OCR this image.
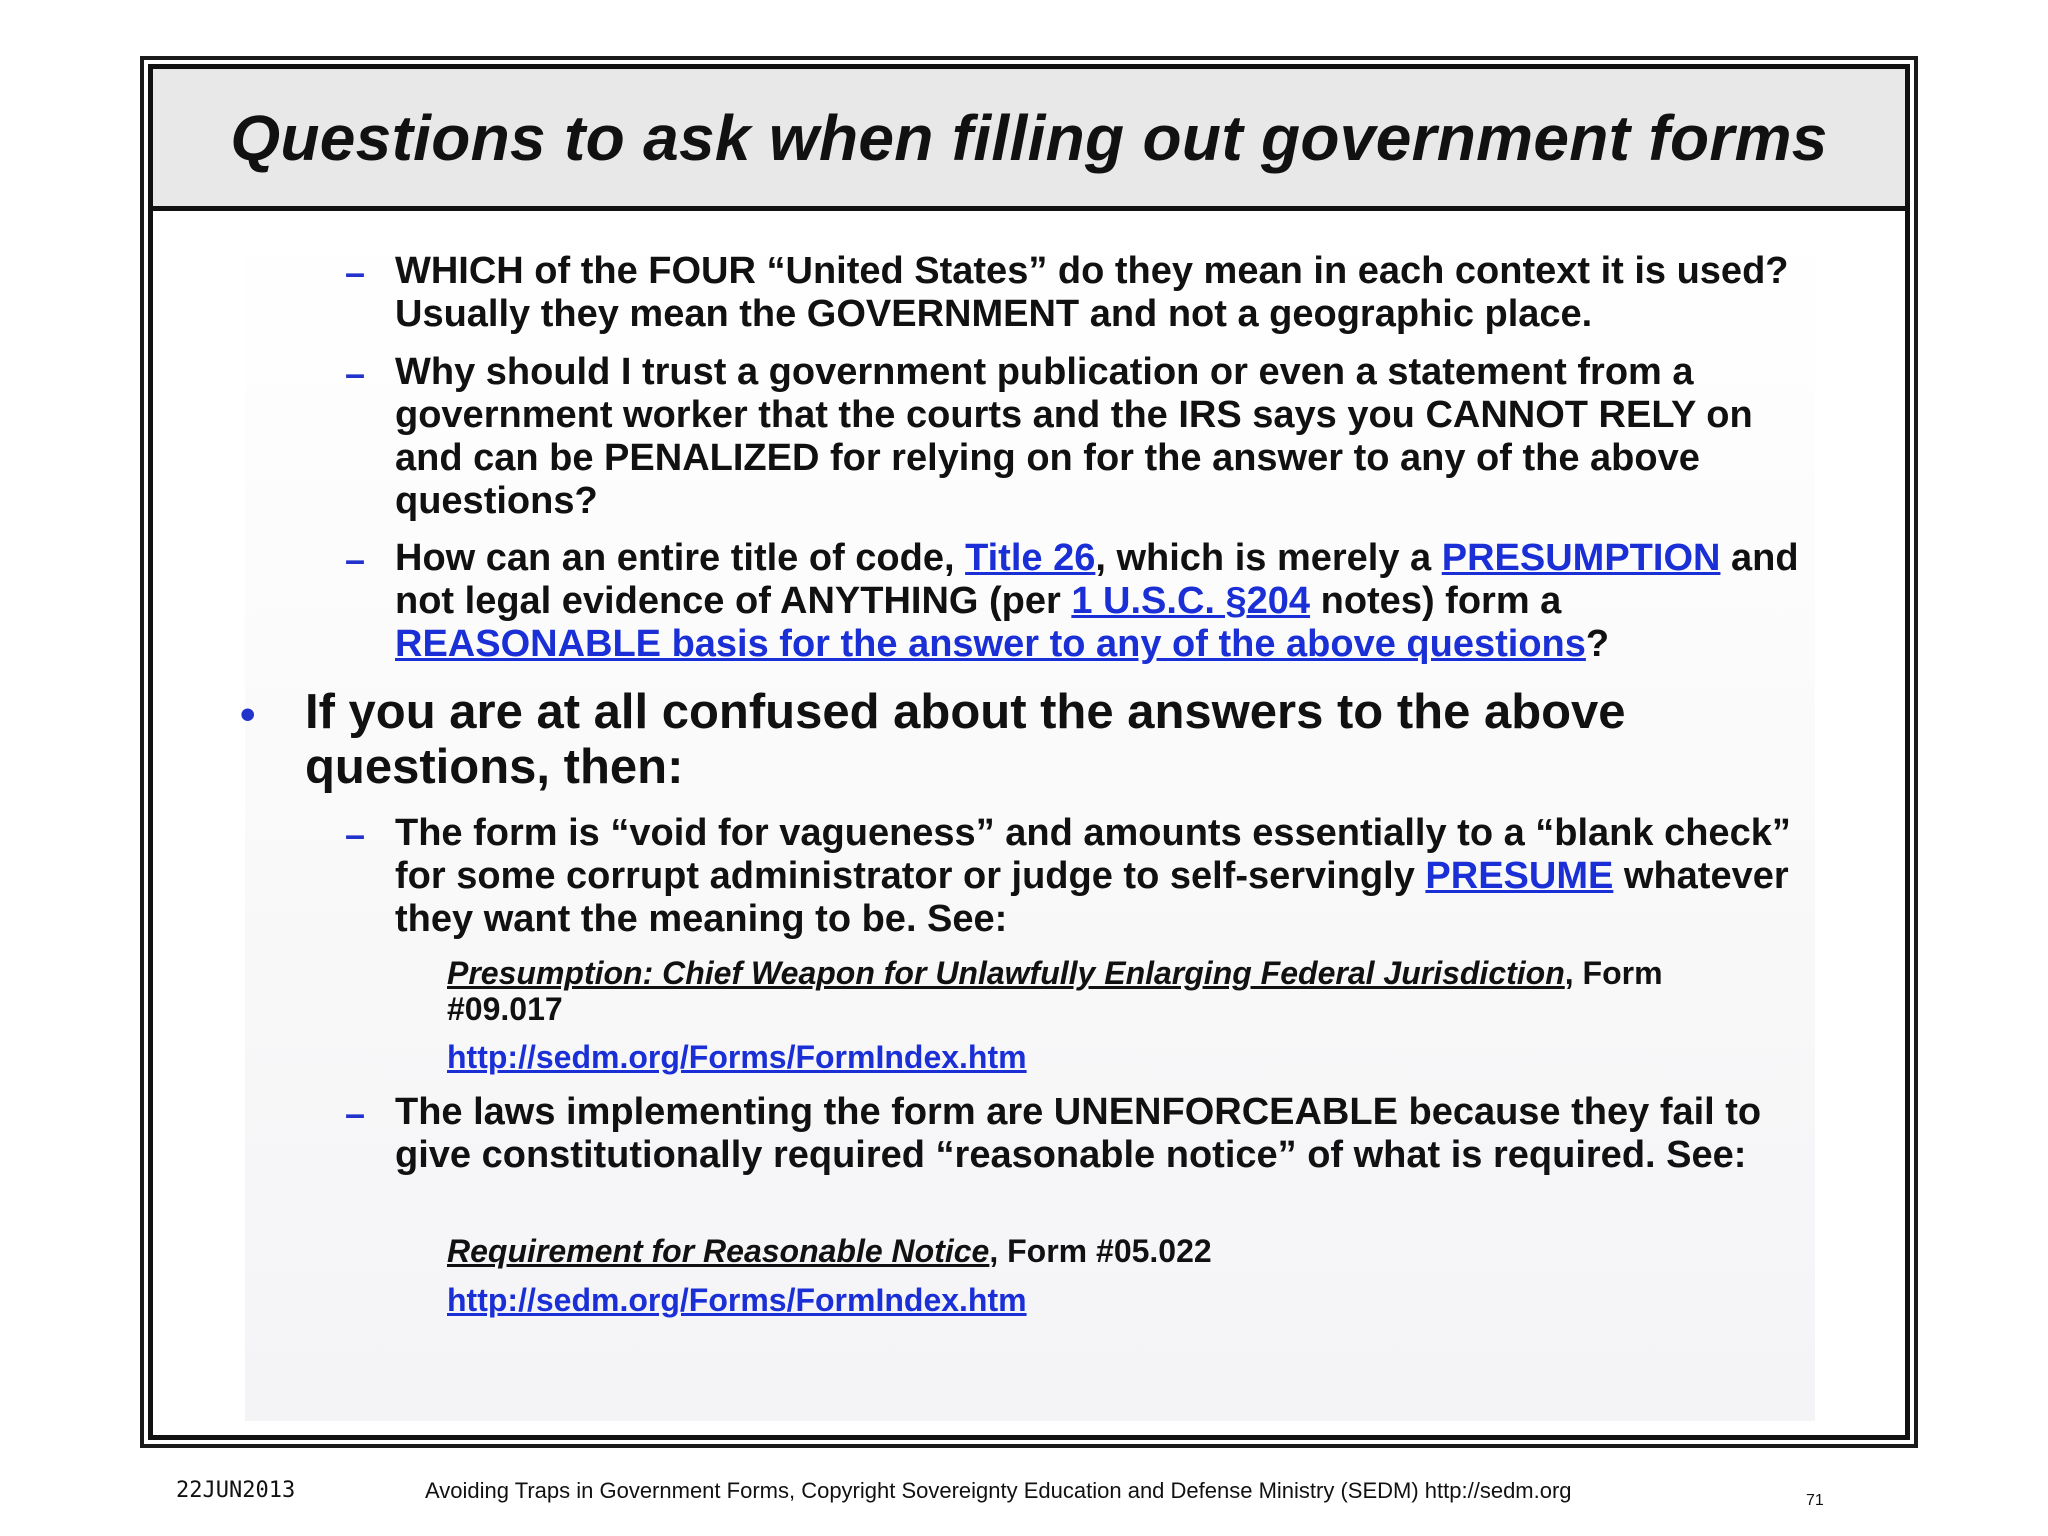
Questions to ask when filling out government forms
– WHICH of the FOUR “United States” do they mean in each context it is used? Usually they mean the GOVERNMENT and not a geographic place.
– Why should I trust a government publication or even a statement from a government worker that the courts and the IRS says you CANNOT RELY on and can be PENALIZED for relying on for the answer to any of the above questions?
– How can an entire title of code, Title 26, which is merely a PRESUMPTION and not legal evidence of ANYTHING (per 1 U.S.C. §204 notes) form a REASONABLE basis for the answer to any of the above questions?
• If you are at all confused about the answers to the above questions, then:
– The form is “void for vagueness” and amounts essentially to a “blank check” for some corrupt administrator or judge to self-servingly PRESUME whatever they want the meaning to be. See:
Presumption: Chief Weapon for Unlawfully Enlarging Federal Jurisdiction, Form #09.017
http://sedm.org/Forms/FormIndex.htm
– The laws implementing the form are UNENFORCEABLE because they fail to give constitutionally required “reasonable notice” of what is required. See:
Requirement for Reasonable Notice, Form #05.022
http://sedm.org/Forms/FormIndex.htm
22JUN2013	Avoiding Traps in Government Forms, Copyright Sovereignty Education and Defense Ministry (SEDM) http://sedm.org	71
